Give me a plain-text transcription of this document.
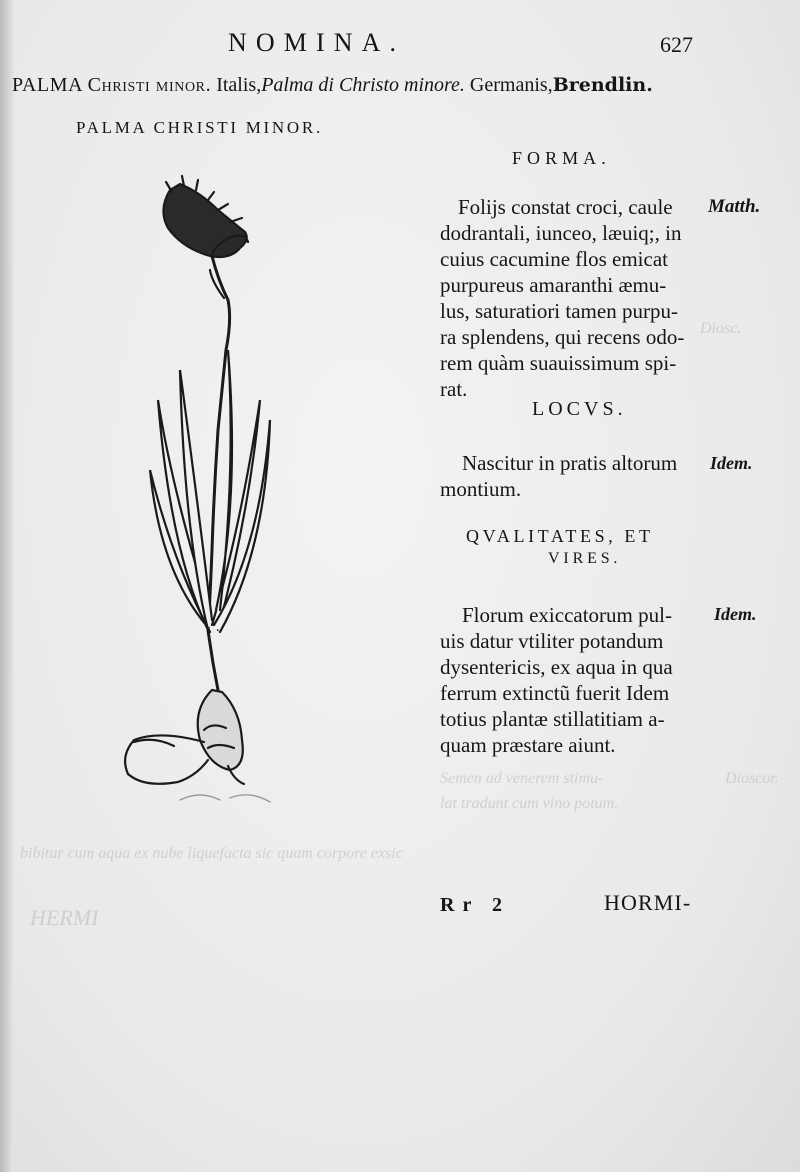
Diosc.
Dioscor.
HERMI
Semen ad venerem stimu-
lat tradunt cum vino potum.
bibitur cum aqua ex nube liquefacta sic quam corpore exsic
NOMINA.	627
PALMA Christi minor. Italis,Palma di Christo minore. Germanis,Brendlin.
PALMA CHRISTI MINOR.
FORMA.
Folijs constat croci, caule
dodrantali, iunceo, læuiq;, in
cuius cacumine flos emicat
purpureus amaranthi æmu-
lus, saturatiori tamen purpu-
ra splendens, qui recens odo-
rem quàm suauissimum spi-
rat.
Matth.
LOCVS.
Nascitur in pratis altorum
montium.
Idem.
QVALITATES, ET
VIRES.
Florum exiccatorum pul-
uis datur vtiliter potandum
dysentericis, ex aqua in qua
ferrum extinctũ fuerit Idem
totius plantæ stillatitiam a-
quam præstare aiunt.
Idem.
Rr 2	HORMI-
